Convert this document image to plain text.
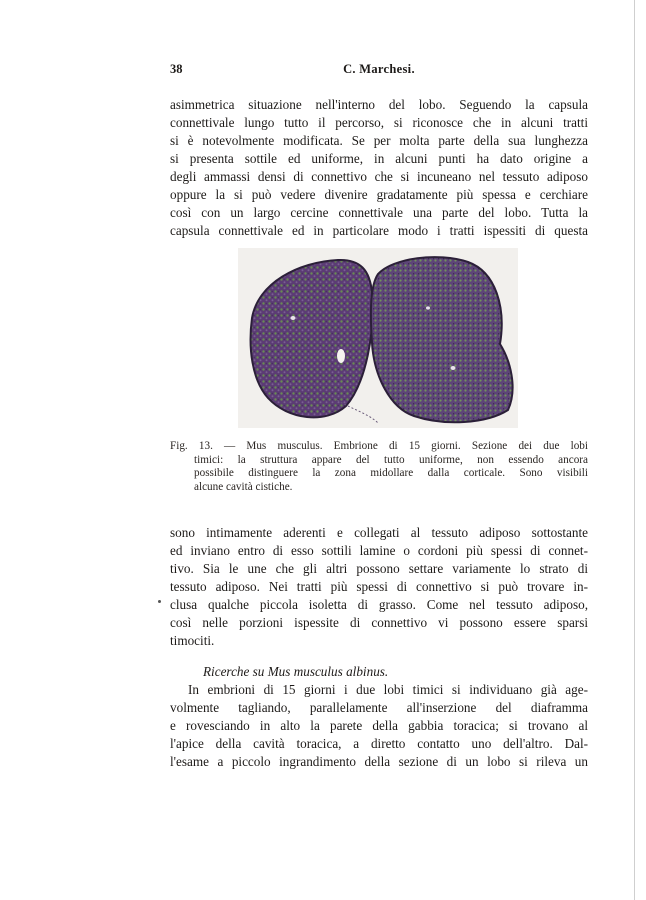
38	C. Marchesi.

asimmetrica situazione nell'interno del lobo. Seguendo la capsula
connettivale lungo tutto il percorso, si riconosce che in alcuni tratti
si è notevolmente modificata. Se per molta parte della sua lunghezza
si presenta sottile ed uniforme, in alcuni punti ha dato origine a
degli ammassi densi di connettivo che si incuneano nel tessuto adiposo
oppure la si può vedere divenire gradatamente più spessa e cerchiare
così con un largo cercine connettivale una parte del lobo. Tutta la
capsula connettivale ed in particolare modo i tratti ispessiti di questa

Fig. 13. — Mus musculus. Embrione di 15 giorni. Sezione dei due lobi
timici: la struttura appare del tutto uniforme, non essendo ancora
possibile distinguere la zona midollare dalla corticale. Sono visibili
alcune cavità cistiche.

sono intimamente aderenti e collegati al tessuto adiposo sottostante
ed inviano entro di esso sottili lamine o cordoni più spessi di connet-
tivo. Sia le une che gli altri possono settare variamente lo strato di
tessuto adiposo. Nei tratti più spessi di connettivo si può trovare in-
clusa qualche piccola isoletta di grasso. Come nel tessuto adiposo,
così nelle porzioni ispessite di connettivo vi possono essere sparsi
timociti.

Ricerche su Mus musculus albinus.

In embrioni di 15 giorni i due lobi timici si individuano già age-
volmente tagliando, parallelamente all'inserzione del diaframma
e rovesciando in alto la parete della gabbia toracica; si trovano al
l'apice della cavità toracica, a diretto contatto uno dell'altro. Dal-
l'esame a piccolo ingrandimento della sezione di un lobo si rileva un
